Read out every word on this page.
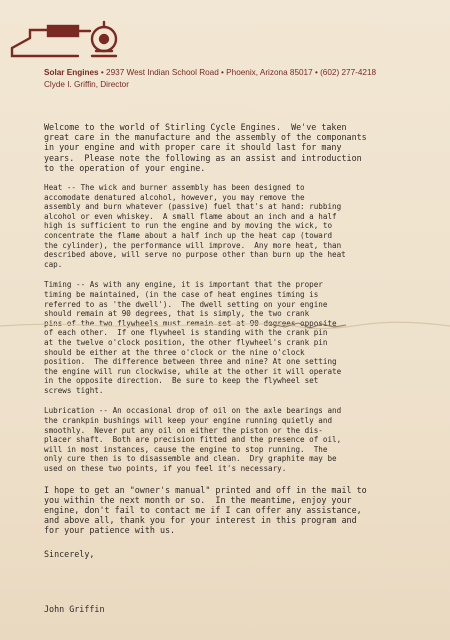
Solar Engines • 2937 West Indian School Road • Phoenix, Arizona 85017 • (602) 277-4218
Clyde I. Griffin, Director

Welcome to the world of Stirling Cycle Engines.  We've taken
great care in the manufacture and the assembly of the componants
in your engine and with proper care it should last for many
years.  Please note the following as an assist and introduction
to the operation of your engine.

Heat -- The wick and burner assembly has been designed to
accomodate denatured alcohol, however, you may remove the
assembly and burn whatever (passive) fuel that's at hand: rubbing
alcohol or even whiskey.  A small flame about an inch and a half
high is sufficient to run the engine and by moving the wick, to
concentrate the flame about a half inch up the heat cap (toward
the cylinder), the performance will improve.  Any more heat, than
described above, will serve no purpose other than burn up the heat
cap.

Timing -- As with any engine, it is important that the proper
timing be maintained, (in the case of heat engines timing is
referred to as 'the dwell').  The dwell setting on your engine
should remain at 90 degrees, that is simply, the two crank
pins of the two flywheels must remain set at 90 degrees opposite
of each other.  If one flywheel is standing with the crank pin
at the twelve o'clock position, the other flywheel's crank pin
should be either at the three o'clock or the nine o'clock
position.  The difference between three and nine? At one setting
the engine will run clockwise, while at the other it will operate
in the opposite direction.  Be sure to keep the flywheel set
screws tight.

Lubrication -- An occasional drop of oil on the axle bearings and
the crankpin bushings will keep your engine running quietly and
smoothly.  Never put any oil on either the piston or the dis-
placer shaft.  Both are precision fitted and the presence of oil,
will in most instances, cause the engine to stop running.  The
only cure then is to disassemble and clean.  Dry graphite may be
used on these two points, if you feel it's necessary.

I hope to get an "owner's manual" printed and off in the mail to
you within the next month or so.  In the meantime, enjoy your
engine, don't fail to contact me if I can offer any assistance,
and above all, thank you for your interest in this program and
for your patience with us.

Sincerely,
John Griffin
